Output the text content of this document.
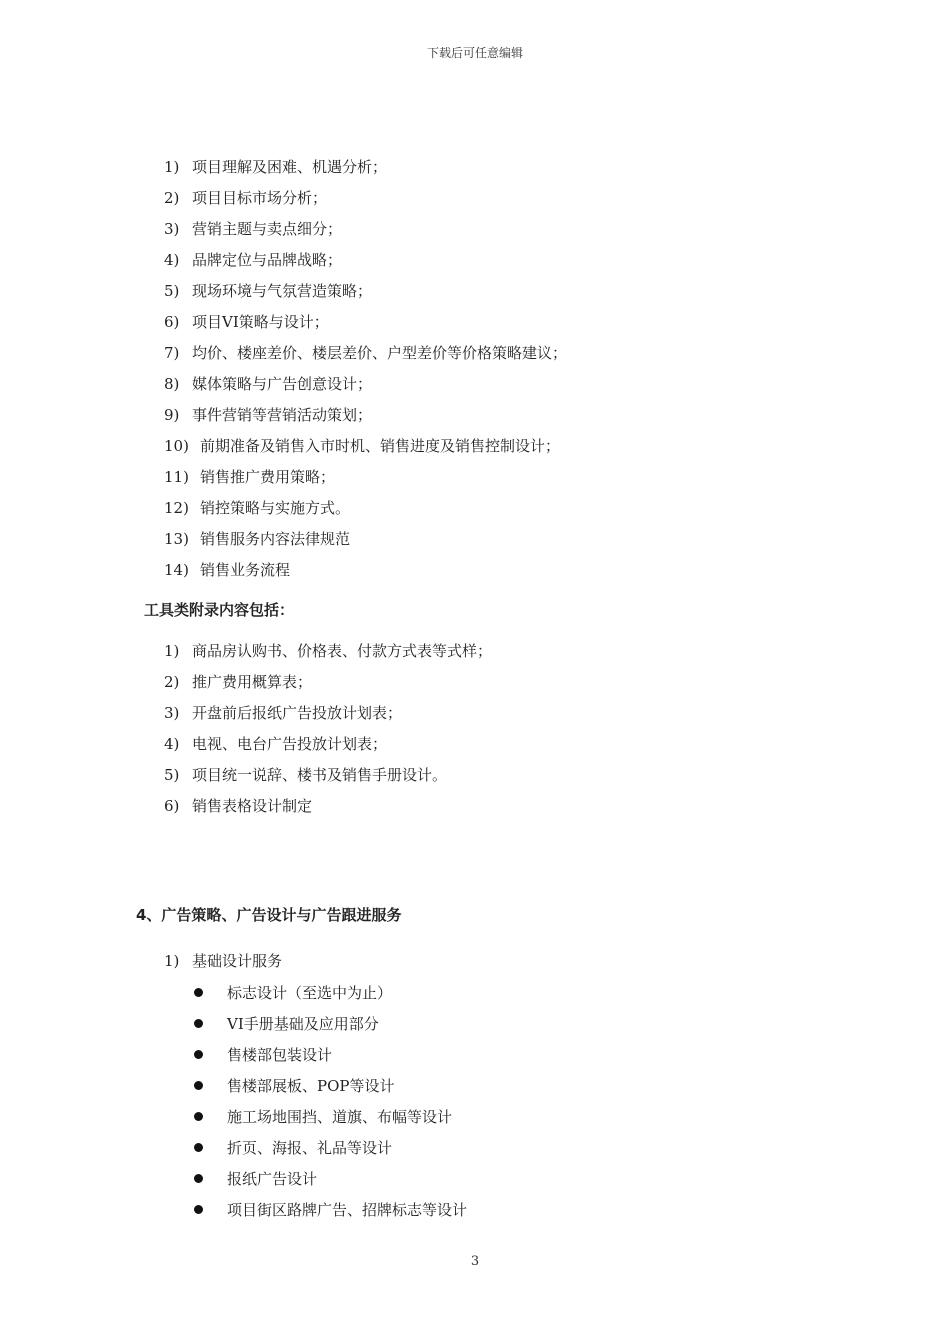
下载后可任意编辑
1) 项目理解及困难、机遇分析；
2) 项目目标市场分析；
3) 营销主题与卖点细分；
4) 品牌定位与品牌战略；
5) 现场环境与气氛营造策略；
6) 项目VI策略与设计；
7) 均价、楼座差价、楼层差价、户型差价等价格策略建议；
8) 媒体策略与广告创意设计；
9) 事件营销等营销活动策划；
10) 前期准备及销售入市时机、销售进度及销售控制设计；
11) 销售推广费用策略；
12) 销控策略与实施方式。
13) 销售服务内容法律规范
14) 销售业务流程
工具类附录内容包括：
1) 商品房认购书、价格表、付款方式表等式样；
2) 推广费用概算表；
3) 开盘前后报纸广告投放计划表；
4) 电视、电台广告投放计划表；
5) 项目统一说辞、楼书及销售手册设计。
6) 销售表格设计制定
4、广告策略、广告设计与广告跟进服务
1) 基础设计服务
标志设计（至选中为止）
VI手册基础及应用部分
售楼部包装设计
售楼部展板、POP等设计
施工场地围挡、道旗、布幅等设计
折页、海报、礼品等设计
报纸广告设计
项目街区路牌广告、招牌标志等设计
3
